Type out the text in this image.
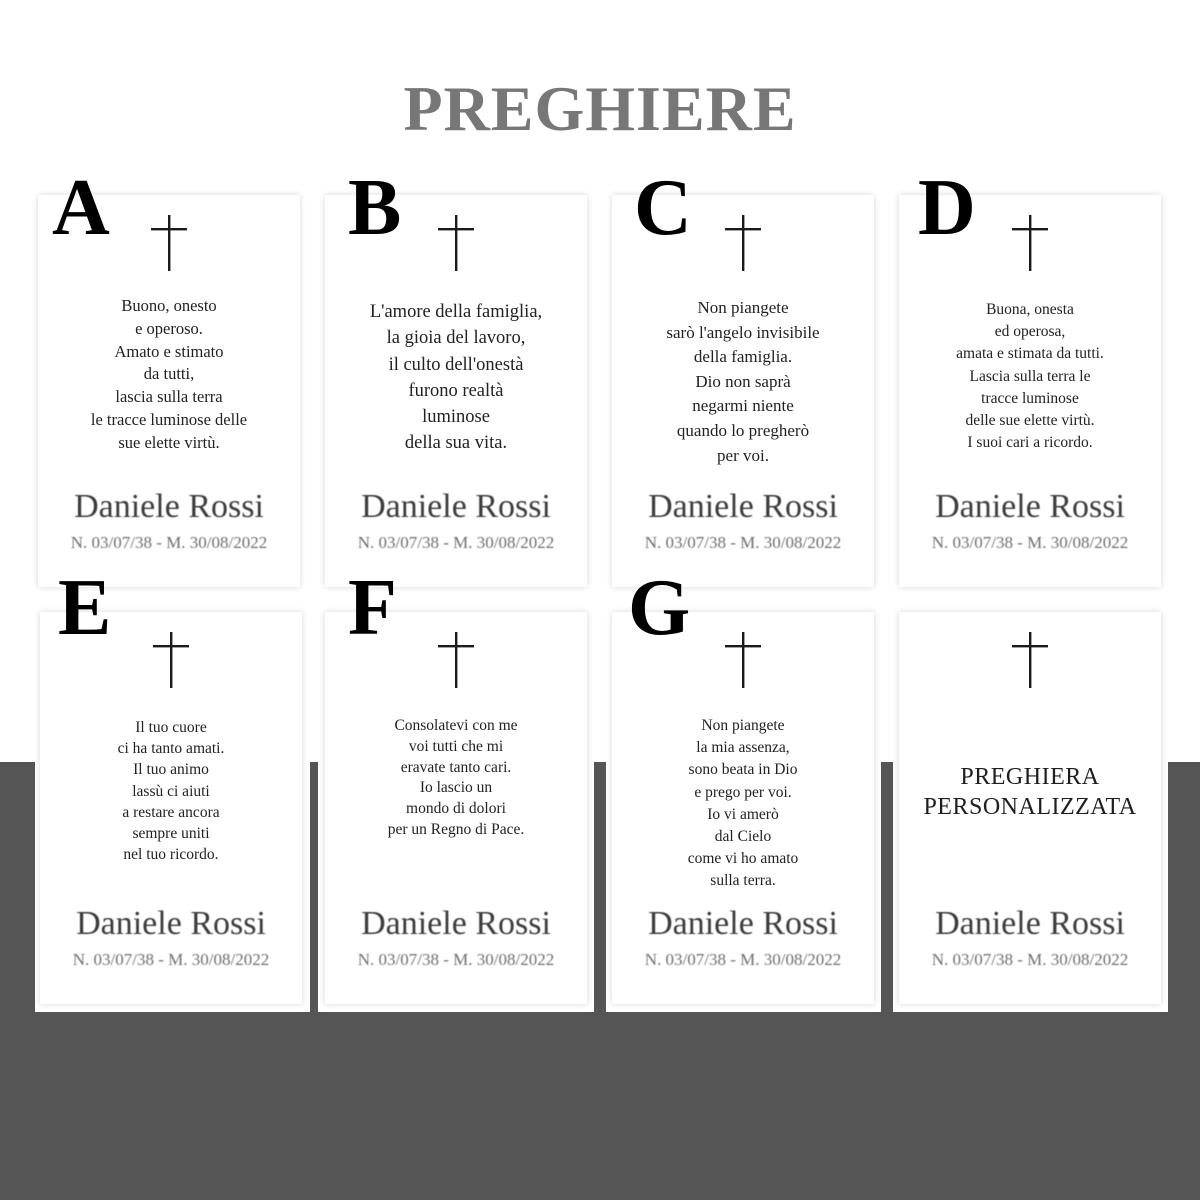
PREGHIERE
Buono, onesto
e operoso.
Amato e stimato
da tutti,
lascia sulla terra
le tracce luminose delle
sue elette virtù.
Daniele Rossi
N. 03/07/38 - M. 30/08/2022
A
L'amore della famiglia,
la gioia del lavoro,
il culto dell'onestà
furono realtà
luminose
della sua vita.
Daniele Rossi
N. 03/07/38 - M. 30/08/2022
B
Non piangete
sarò l'angelo invisibile
della famiglia.
Dio non saprà
negarmi niente
quando lo pregherò
per voi.
Daniele Rossi
N. 03/07/38 - M. 30/08/2022
C
Buona, onesta
ed operosa,
amata e stimata da tutti.
Lascia sulla terra le
tracce luminose
delle sue elette virtù.
I suoi cari a ricordo.
Daniele Rossi
N. 03/07/38 - M. 30/08/2022
D
Il tuo cuore
ci ha tanto amati.
Il tuo animo
lassù ci aiuti
a restare ancora
sempre uniti
nel tuo ricordo.
Daniele Rossi
N. 03/07/38 - M. 30/08/2022
E
Consolatevi con me
voi tutti che mi
eravate tanto cari.
Io lascio un
mondo di dolori
per un Regno di Pace.
Daniele Rossi
N. 03/07/38 - M. 30/08/2022
F
Non piangete
la mia assenza,
sono beata in Dio
e prego per voi.
Io vi amerò
dal Cielo
come vi ho amato
sulla terra.
Daniele Rossi
N. 03/07/38 - M. 30/08/2022
G
PREGHIERA
PERSONALIZZATA
Daniele Rossi
N. 03/07/38 - M. 30/08/2022
